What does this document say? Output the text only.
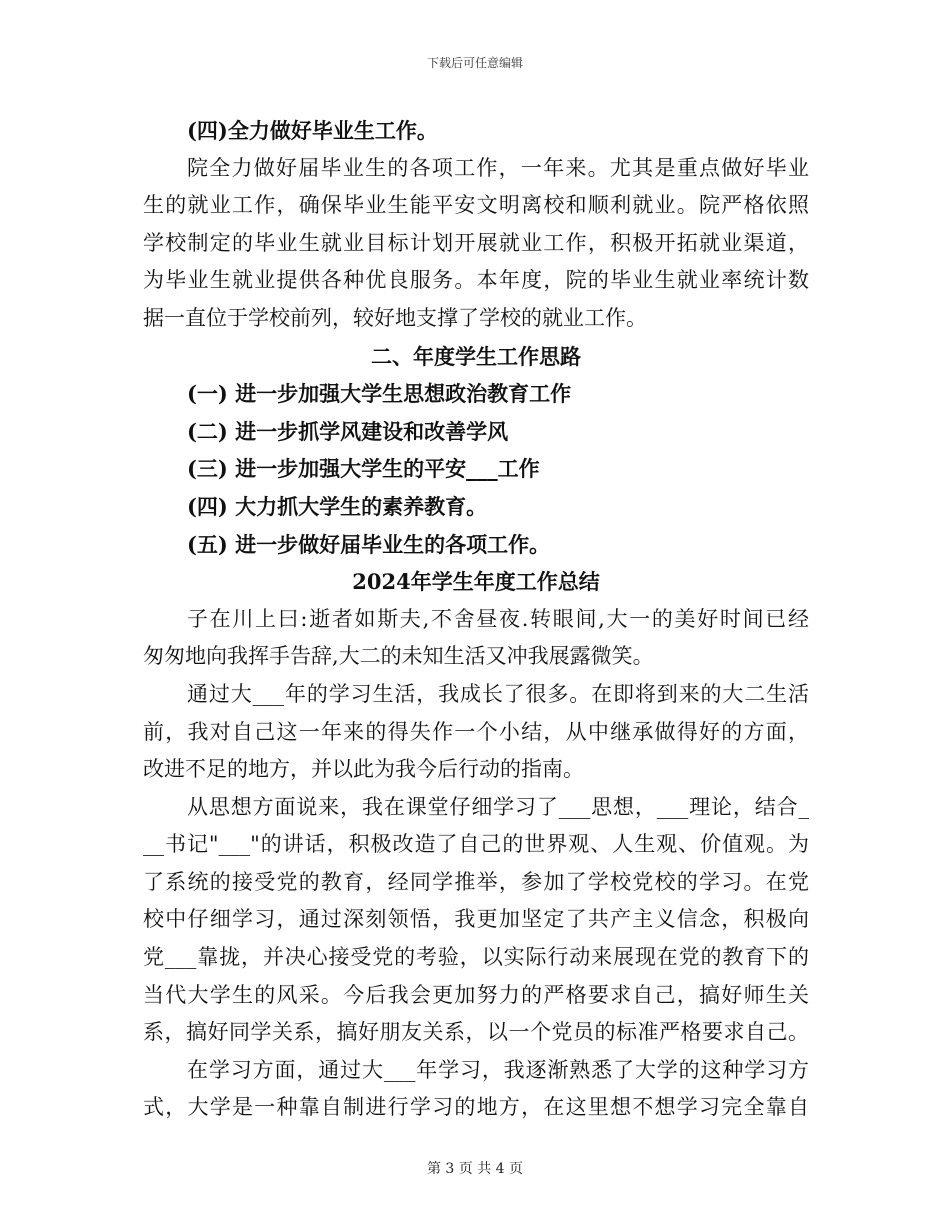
下载后可任意编辑
(四)全力做好毕业生工作。
院全力做好届毕业生的各项工作，一年来。尤其是重点做好毕业
生的就业工作，确保毕业生能平安文明离校和顺利就业。院严格依照
学校制定的毕业生就业目标计划开展就业工作，积极开拓就业渠道，
为毕业生就业提供各种优良服务。本年度，院的毕业生就业率统计数
据一直位于学校前列，较好地支撑了学校的就业工作。
二、年度学生工作思路
(一) 进一步加强大学生思想政治教育工作
(二) 进一步抓学风建设和改善学风
(三) 进一步加强大学生的平安___工作
(四) 大力抓大学生的素养教育。
(五) 进一步做好届毕业生的各项工作。
2024年学生年度工作总结
子在川上曰:逝者如斯夫,不舍昼夜.转眼间,大一的美好时间已经
匆匆地向我挥手告辞,大二的未知生活又冲我展露微笑。
通过大___年的学习生活，我成长了很多。在即将到来的大二生活
前，我对自己这一年来的得失作一个小结，从中继承做得好的方面，
改进不足的地方，并以此为我今后行动的指南。
从思想方面说来，我在课堂仔细学习了___思想，___理论，结合_
__书记"___"的讲话，积极改造了自己的世界观、人生观、价值观。为
了系统的接受党的教育，经同学推举，参加了学校党校的学习。在党
校中仔细学习，通过深刻领悟，我更加坚定了共产主义信念，积极向
党___靠拢，并决心接受党的考验，以实际行动来展现在党的教育下的
当代大学生的风采。今后我会更加努力的严格要求自己，搞好师生关
系，搞好同学关系，搞好朋友关系，以一个党员的标准严格要求自己。
在学习方面，通过大___年学习，我逐渐熟悉了大学的这种学习方
式，大学是一种靠自制进行学习的地方，在这里想不想学习完全靠自
第 3 页 共 4 页
